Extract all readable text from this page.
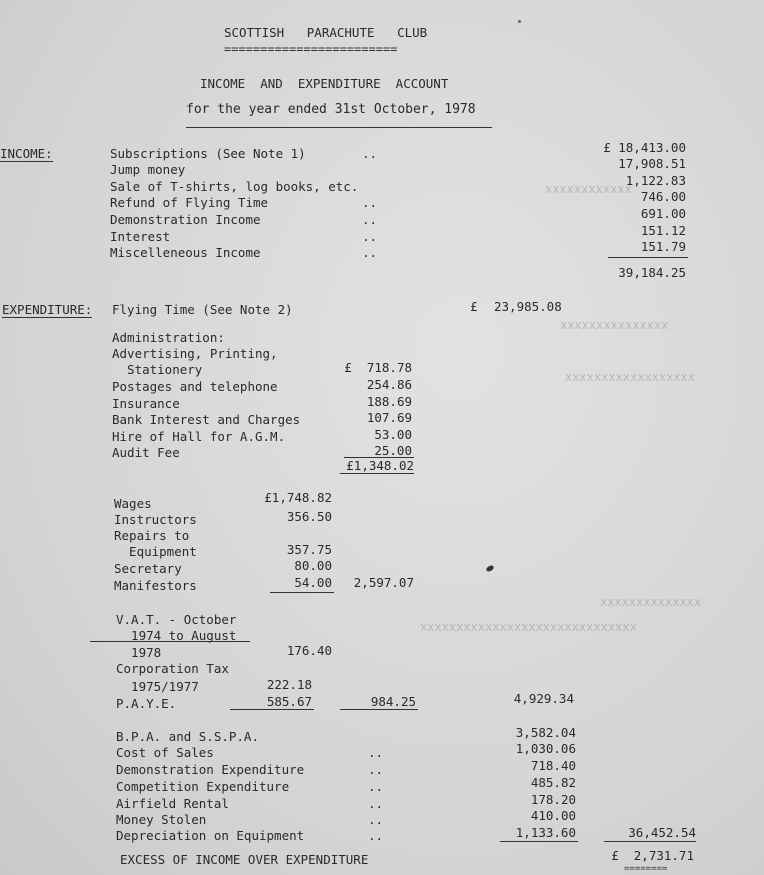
xxxxxxxxxxxx
xxxxxxxxxxxxxxx
xxxxxxxxxxxxxxxxxx
xxxxxxxxxxxxxx
xxxxxxxxxxxxxxxxxxxxxxxxxxxxxx
SCOTTISH   PARACHUTE   CLUB
========================
INCOME  AND  EXPENDITURE  ACCOUNT
for the year ended 31st October, 1978
INCOME:	Subscriptions (See Note 1)	..	£ 18,413.00
Jump money	17,908.51
Sale of T-shirts, log books, etc.	1,122.83
Refund of Flying Time	..	746.00
Demonstration Income	..	691.00
Interest	..	151.12
Miscelleneous Income	..	151.79
39,184.25
EXPENDITURE: Flying Time (See Note 2)	£ 23,985.08
Administration:
Advertising, Printing,
Stationery	£  718.78
Postages and telephone	254.86
Insurance	188.69
Bank Interest and Charges	107.69
Hire of Hall for A.G.M.	53.00
Audit Fee	25.00
£1,348.02
Wages	£1,748.82
Instructors	356.50
Repairs to
Equipment	357.75
Secretary	80.00
Manifestors	54.00	2,597.07
V.A.T. - October
1974 to August
1978	176.40
Corporation Tax
1975/1977	222.18
P.A.Y.E.	585.67	984.25	4,929.34
B.P.A. and S.S.P.A.	3,582.04
Cost of Sales	..	1,030.06
Demonstration Expenditure	..	718.40
Competition Expenditure	..	485.82
Airfield Rental	..	178.20
Money Stolen	..	410.00
Depreciation on Equipment	..	1,133.60	36,452.54
EXCESS OF INCOME OVER EXPENDITURE	£  2,731.71
========
